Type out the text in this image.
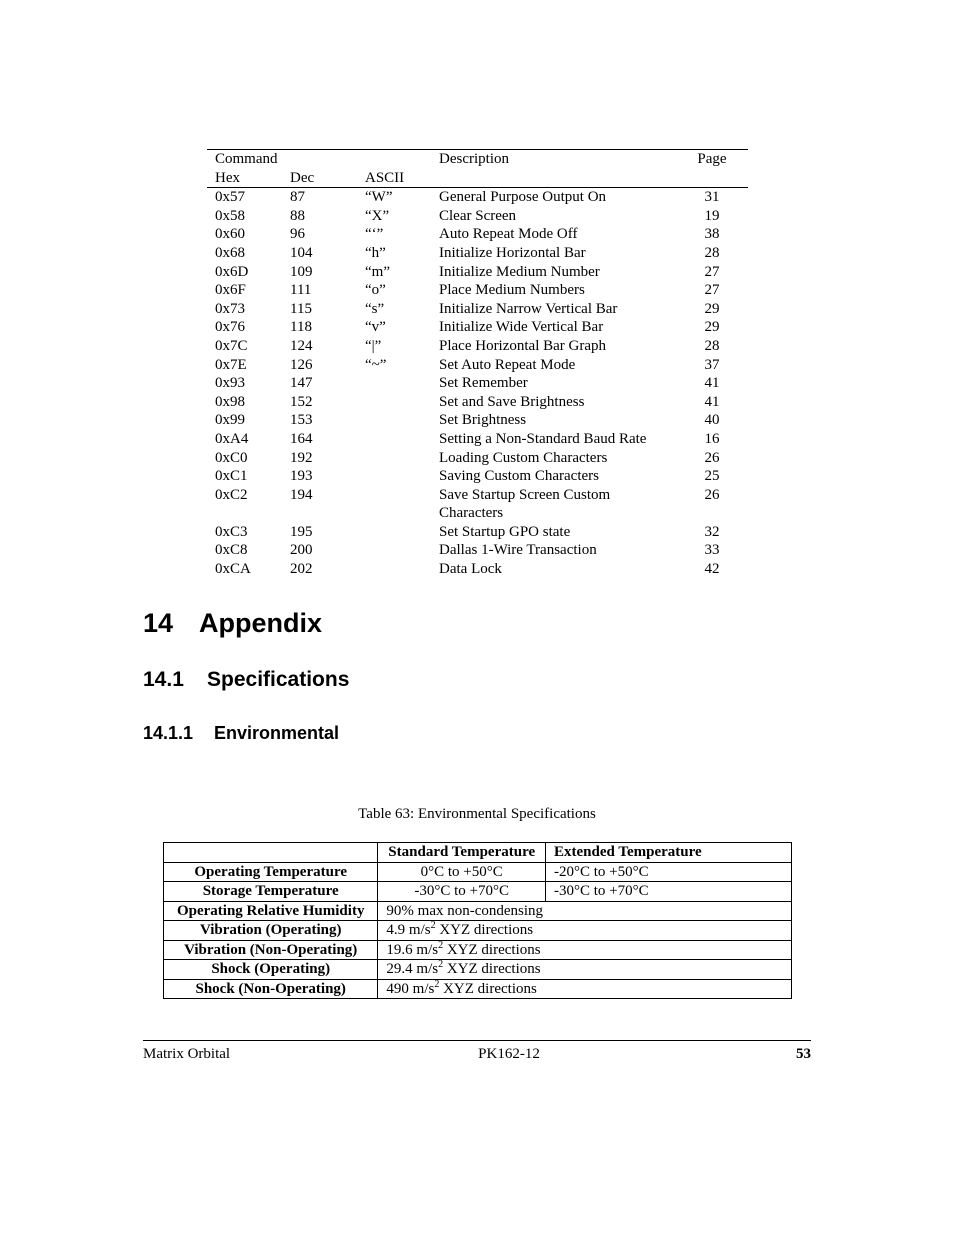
Command	Description	Page
Hex	Dec	ASCII
0x57	87	“W”	General Purpose Output On	31
0x58	88	“X”	Clear Screen	19
0x60	96	“‘”	Auto Repeat Mode Off	38
0x68	104	“h”	Initialize Horizontal Bar	28
0x6D	109	“m”	Initialize Medium Number	27
0x6F	111	“o”	Place Medium Numbers	27
0x73	115	“s”	Initialize Narrow Vertical Bar	29
0x76	118	“v”	Initialize Wide Vertical Bar	29
0x7C	124	“|”	Place Horizontal Bar Graph	28
0x7E	126	“~”	Set Auto Repeat Mode	37
0x93	147	Set Remember	41
0x98	152	Set and Save Brightness	41
0x99	153	Set Brightness	40
0xA4	164	Setting a Non-Standard Baud Rate	16
0xC0	192	Loading Custom Characters	26
0xC1	193	Saving Custom Characters	25
0xC2	194	Save Startup Screen Custom	26
Characters
0xC3	195	Set Startup GPO state	32
0xC8	200	Dallas 1-Wire Transaction	33
0xCA	202	Data Lock	42
14 Appendix
14.1 Specifications
14.1.1 Environmental
Table 63: Environmental Specifications
	Standard Temperature	Extended Temperature
Operating Temperature	0°C to +50°C	-20°C to +50°C
Storage Temperature	-30°C to +70°C	-30°C to +70°C
Operating Relative Humidity	90% max non-condensing	
Vibration (Operating)	4.9 $m/s^2$ XYZ directions	
Vibration (Non-Operating)	19.6 $m/s^2$ XYZ directions	
Shock (Operating)	29.4 $m/s^2$ XYZ directions	
Shock (Non-Operating)	490 $m/s^2$ XYZ directions	
Matrix Orbital	PK162-12	53
